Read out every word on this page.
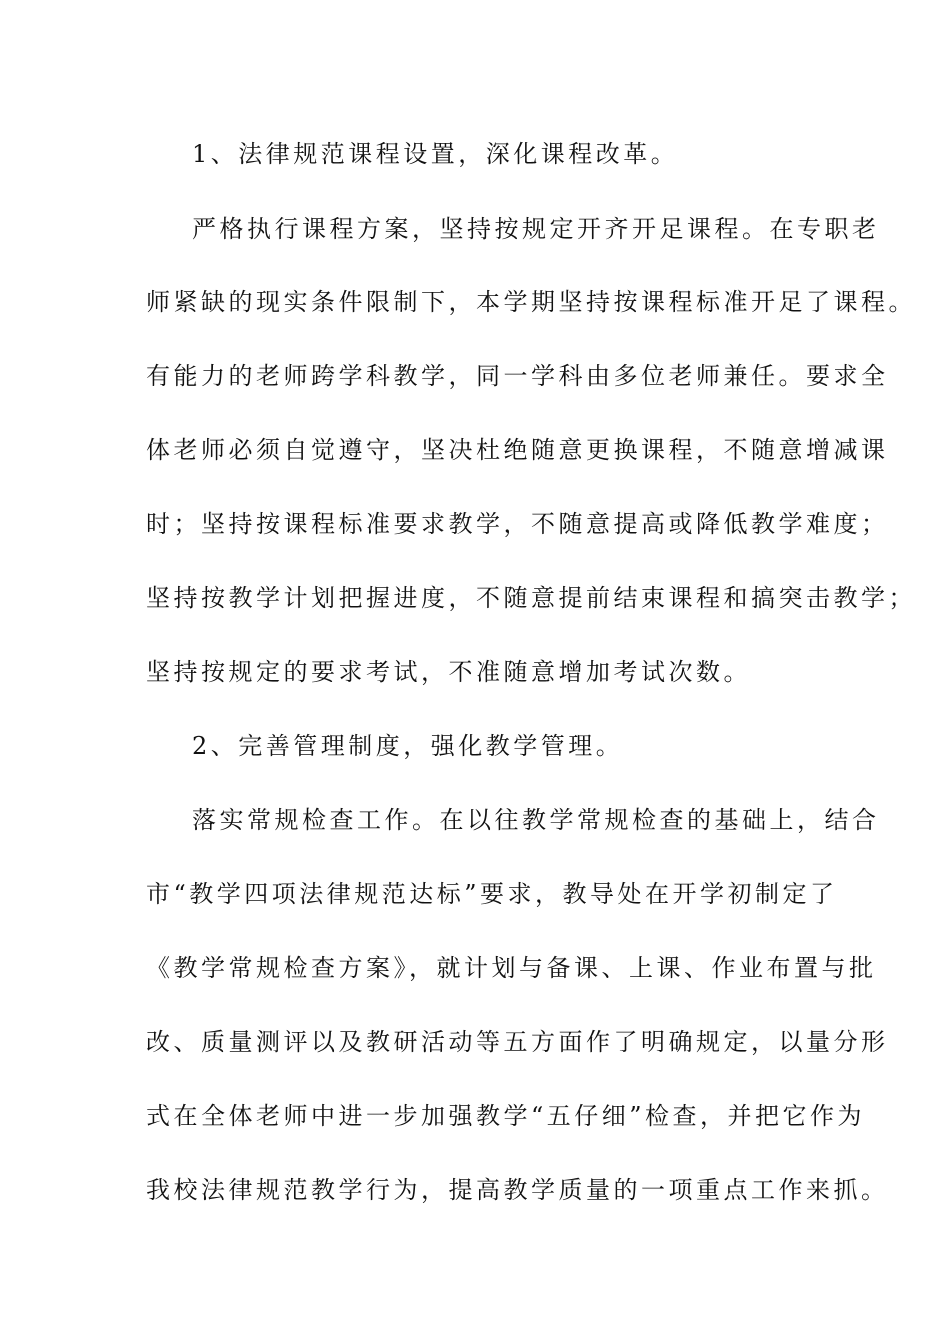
1、法律规范课程设置，深化课程改革。
严格执行课程方案，坚持按规定开齐开足课程。在专职老
师紧缺的现实条件限制下，本学期坚持按课程标准开足了课程。
有能力的老师跨学科教学，同一学科由多位老师兼任。要求全
体老师必须自觉遵守，坚决杜绝随意更换课程，不随意增减课
时；坚持按课程标准要求教学，不随意提高或降低教学难度；
坚持按教学计划把握进度，不随意提前结束课程和搞突击教学；
坚持按规定的要求考试，不准随意增加考试次数。
2、完善管理制度，强化教学管理。
落实常规检查工作。在以往教学常规检查的基础上，结合
市“教学四项法律规范达标”要求，教导处在开学初制定了
《教学常规检查方案》，就计划与备课、上课、作业布置与批
改、质量测评以及教研活动等五方面作了明确规定，以量分形
式在全体老师中进一步加强教学“五仔细”检查，并把它作为
我校法律规范教学行为，提高教学质量的一项重点工作来抓。
